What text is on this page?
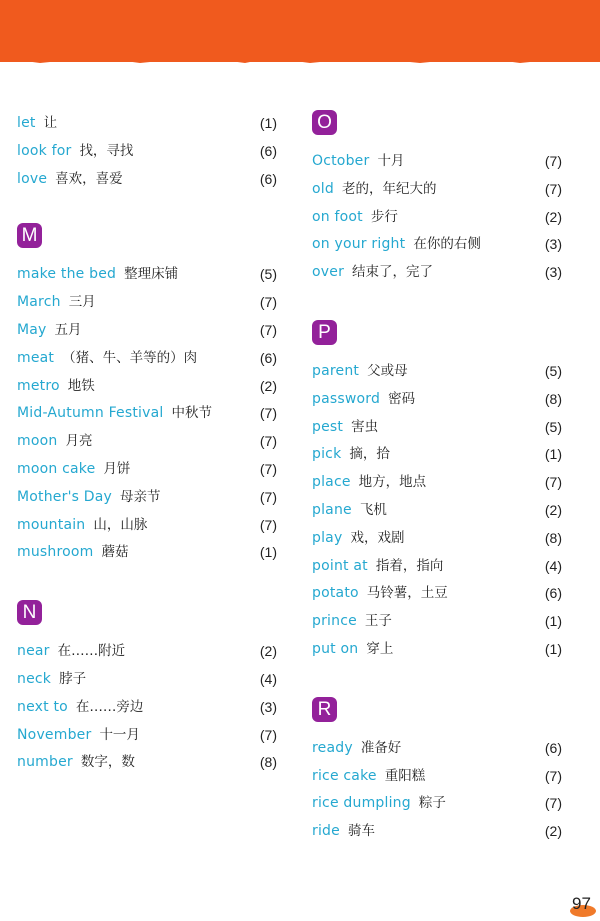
let 让	(1)
look for 找，寻找	(6)
love 喜欢，喜爱	(6)
M
make the bed 整理床铺	(5)
March 三月	(7)
May 五月	(7)
meat （猪、牛、羊等的）肉	(6)
metro 地铁	(2)
Mid-Autumn Festival 中秋节	(7)
moon 月亮	(7)
moon cake 月饼	(7)
Mother's Day 母亲节	(7)
mountain 山，山脉	(7)
mushroom 蘑菇	(1)
N
near 在……附近	(2)
neck 脖子	(4)
next to 在……旁边	(3)
November 十一月	(7)
number 数字，数	(8)
O
October 十月	(7)
old 老的，年纪大的	(7)
on foot 步行	(2)
on your right 在你的右侧	(3)
over 结束了，完了	(3)
P
parent 父或母	(5)
password 密码	(8)
pest 害虫	(5)
pick 摘，拾	(1)
place 地方，地点	(7)
plane 飞机	(2)
play 戏，戏剧	(8)
point at 指着，指向	(4)
potato 马铃薯，土豆	(6)
prince 王子	(1)
put on 穿上	(1)
R
ready 准备好	(6)
rice cake 重阳糕	(7)
rice dumpling 粽子	(7)
ride 骑车	(2)
97
